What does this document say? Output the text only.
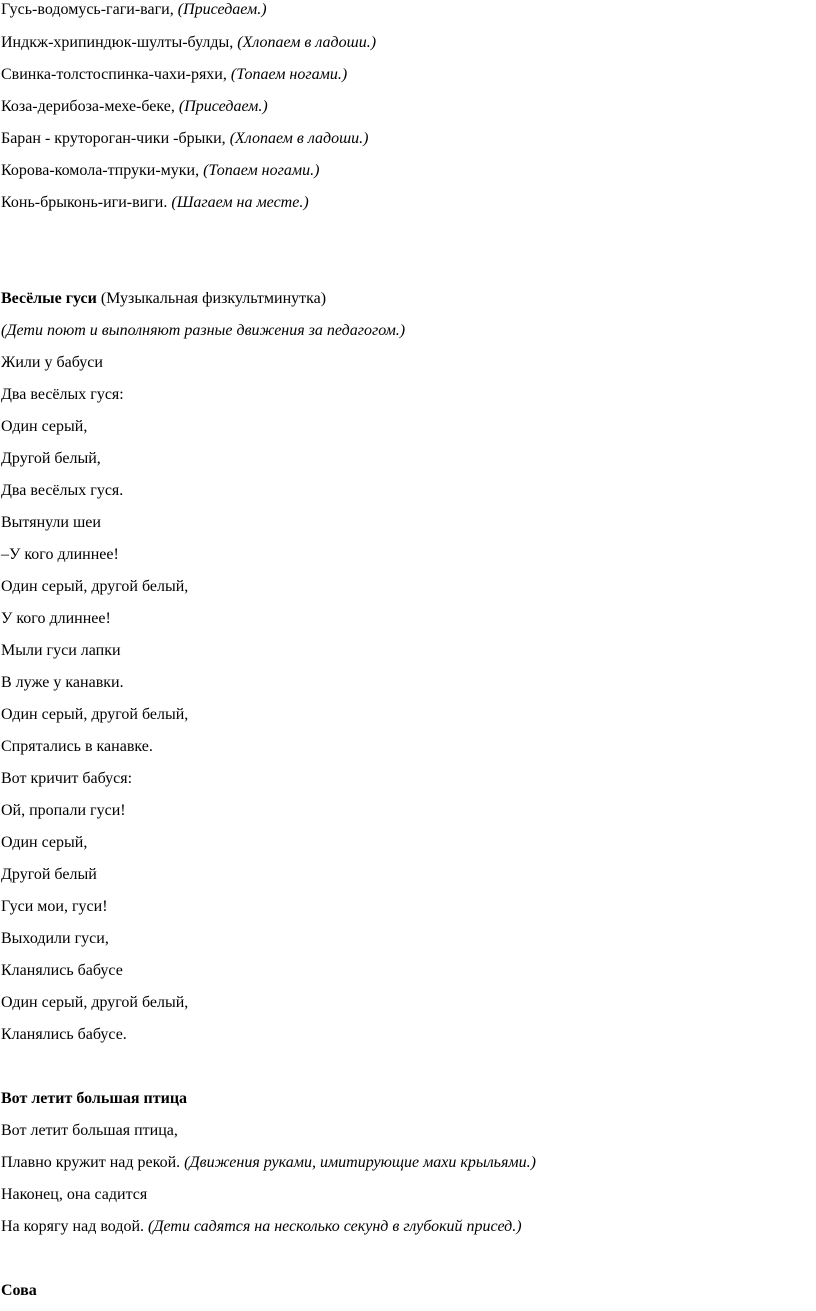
Гусь-водомусь-гаги-ваги, (Приседаем.)
Индкж-хрипиндюк-шулты-булды, (Хлопаем в ладоши.)
Свинка-толстоспинка-чахи-ряхи, (Топаем ногами.)
Коза-дерибоза-мехе-беке, (Приседаем.)
Баран - крутороган-чики -брыки, (Хлопаем в ладоши.)
Корова-комола-тпруки-муки, (Топаем ногами.)
Конь-брыконь-иги-виги. (Шагаем на месте.)
Весёлые гуси (Музыкальная физкультминутка)
(Дети поют и выполняют разные движения за педагогом.)
Жили у бабуси
Два весёлых гуся:
Один серый,
Другой белый,
Два весёлых гуся.
Вытянули шеи
–У кого длиннее!
Один серый, другой белый,
У кого длиннее!
Мыли гуси лапки
В луже у канавки.
Один серый, другой белый,
Спрятались в канавке.
Вот кричит бабуся:
Ой, пропали гуси!
Один серый,
Другой белый
Гуси мои, гуси!
Выходили гуси,
Кланялись бабусе
Один серый, другой белый,
Кланялись бабусе.
Вот летит большая птица
Вот летит большая птица,
Плавно кружит над рекой. (Движения руками, имитирующие махи крыльями.)
Наконец, она садится
На корягу над водой. (Дети садятся на несколько секунд в глубокий присед.)
Сова
